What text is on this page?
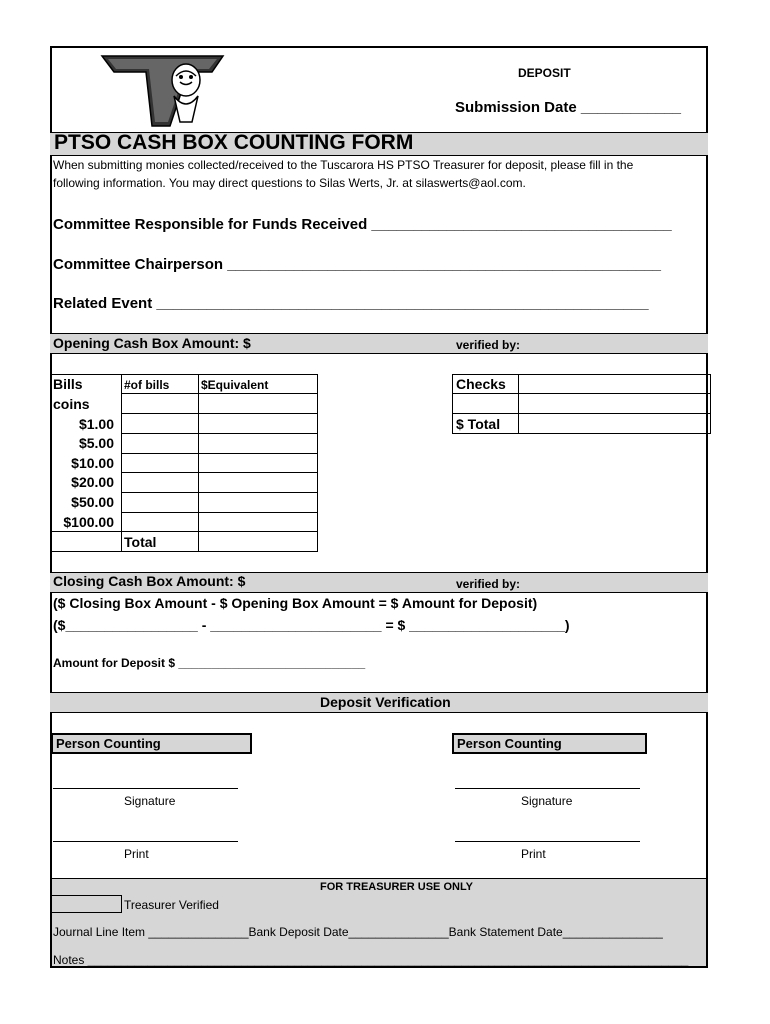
DEPOSIT
Submission Date ____________
PTSO CASH BOX COUNTING FORM
When submitting monies collected/received to the Tuscarora HS PTSO Treasurer for deposit, please fill in the
following information. You may direct questions to Silas Werts, Jr. at silaswerts@aol.com.
Committee Responsible for Funds Received ____________________________________
Committee Chairperson ____________________________________________________
Related Event ___________________________________________________________
Opening Cash Box Amount: $	verified by:
Bills	#of bills	$Equivalent
coins
$1.00
$5.00
$10.00
$20.00
$50.00
$100.00
Total
Checks
$ Total
Closing Cash Box Amount: $	verified by:
($ Closing Box Amount - $ Opening Box Amount = $ Amount for Deposit)
($_________________ - ______________________ = $ ____________________)
Amount for Deposit $ ____________________________
Deposit Verification
Person Counting	Person Counting
Signature	Signature
Print	Print
FOR TREASURER USE ONLY
Treasurer Verified
Journal Line Item _______________Bank Deposit Date_______________Bank Statement Date_______________
Notes __________________________________________________________________________________________
